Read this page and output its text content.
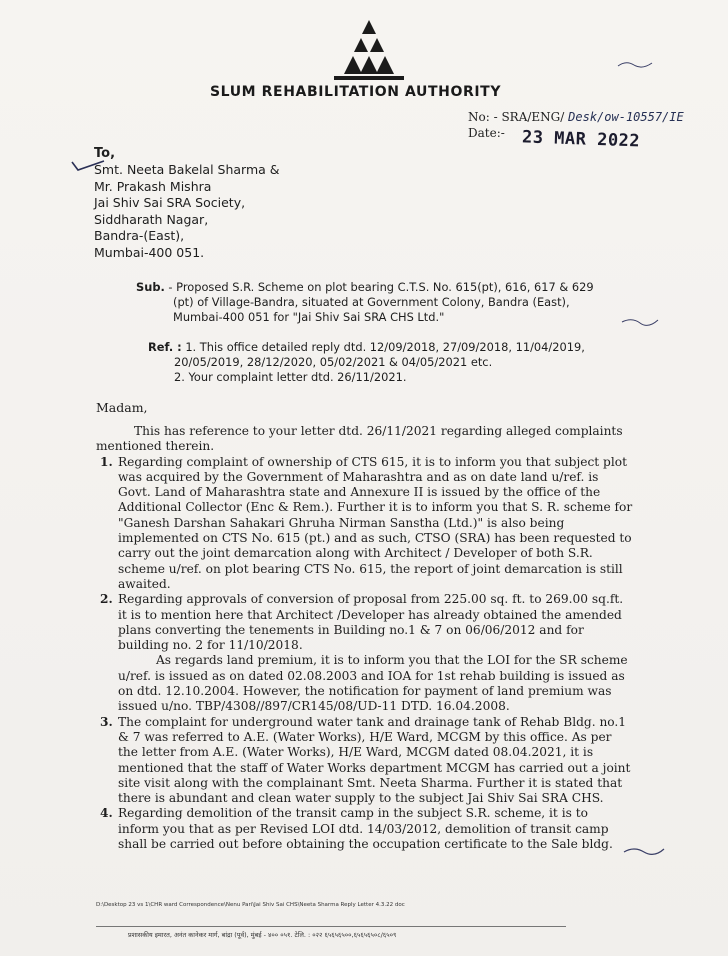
SLUM REHABILITATION AUTHORITY
No: - SRA/ENG/ Desk/ow-10557/IE
Date:- 23 MAR 2022
To,
Smt. Neeta Bakelal Sharma &
Mr. Prakash Mishra
Jai Shiv Sai SRA Society,
Siddharath Nagar,
Bandra-(East),
Mumbai-400 051.
Sub. - Proposed S.R. Scheme on plot bearing C.T.S. No. 615(pt), 616, 617 & 629
(pt) of Village-Bandra, situated at Government Colony, Bandra (East),
Mumbai-400 051 for "Jai Shiv Sai SRA CHS Ltd."
Ref. : 1. This office detailed reply dtd. 12/09/2018, 27/09/2018, 11/04/2019,
20/05/2019, 28/12/2020, 05/02/2021 & 04/05/2021 etc.
2. Your complaint letter dtd. 26/11/2021.
Madam,
This has reference to your letter dtd. 26/11/2021 regarding alleged complaints
mentioned therein.
1. Regarding complaint of ownership of CTS 615, it is to inform you that subject plot
was acquired by the Government of Maharashtra and as on date land u/ref. is
Govt. Land of Maharashtra state and Annexure II is issued by the office of the
Additional Collector (Enc & Rem.). Further it is to inform you that S. R. scheme for
"Ganesh Darshan Sahakari Ghruha Nirman Sanstha (Ltd.)" is also being
implemented on CTS No. 615 (pt.) and as such, CTSO (SRA) has been requested to
carry out the joint demarcation along with Architect / Developer of both S.R.
scheme u/ref. on plot bearing CTS No. 615, the report of joint demarcation is still
awaited.
2. Regarding approvals of conversion of proposal from 225.00 sq. ft. to 269.00 sq.ft.
it is to mention here that Architect /Developer has already obtained the amended
plans converting the tenements in Building no.1 & 7 on 06/06/2012 and for
building no. 2 for 11/10/2018.
As regards land premium, it is to inform you that the LOI for the SR scheme
u/ref. is issued as on dated 02.08.2003 and IOA for 1st rehab building is issued as
on dtd. 12.10.2004. However, the notification for payment of land premium was
issued u/no. TBP/4308//897/CR145/08/UD-11 DTD. 16.04.2008.
3. The complaint for underground water tank and drainage tank of Rehab Bldg. no.1
& 7 was referred to A.E. (Water Works), H/E Ward, MCGM by this office. As per
the letter from A.E. (Water Works), H/E Ward, MCGM dated 08.04.2021, it is
mentioned that the staff of Water Works department MCGM has carried out a joint
site visit along with the complainant Smt. Neeta Sharma. Further it is stated that
there is abundant and clean water supply to the subject Jai Shiv Sai SRA CHS.
4. Regarding demolition of the transit camp in the subject S.R. scheme, it is to
inform you that as per Revised LOI dtd. 14/03/2012, demolition of transit camp
shall be carried out before obtaining the occupation certificate to the Sale bldg.
D:\Desktop 23 vs 1\CHR ward Correspondence\Nenu Pari\Jai Shiv Sai CHS\Neeta Sharma Reply Letter 4.3.22 doc
प्रशासकीय इमारत, अनंत कानेकर मार्ग, बांद्रा (पूर्व), मुंबई - ४०० ०५१. टेलि. : ०२२ ६५६५६५००,६५६५६५०८/६५०९
